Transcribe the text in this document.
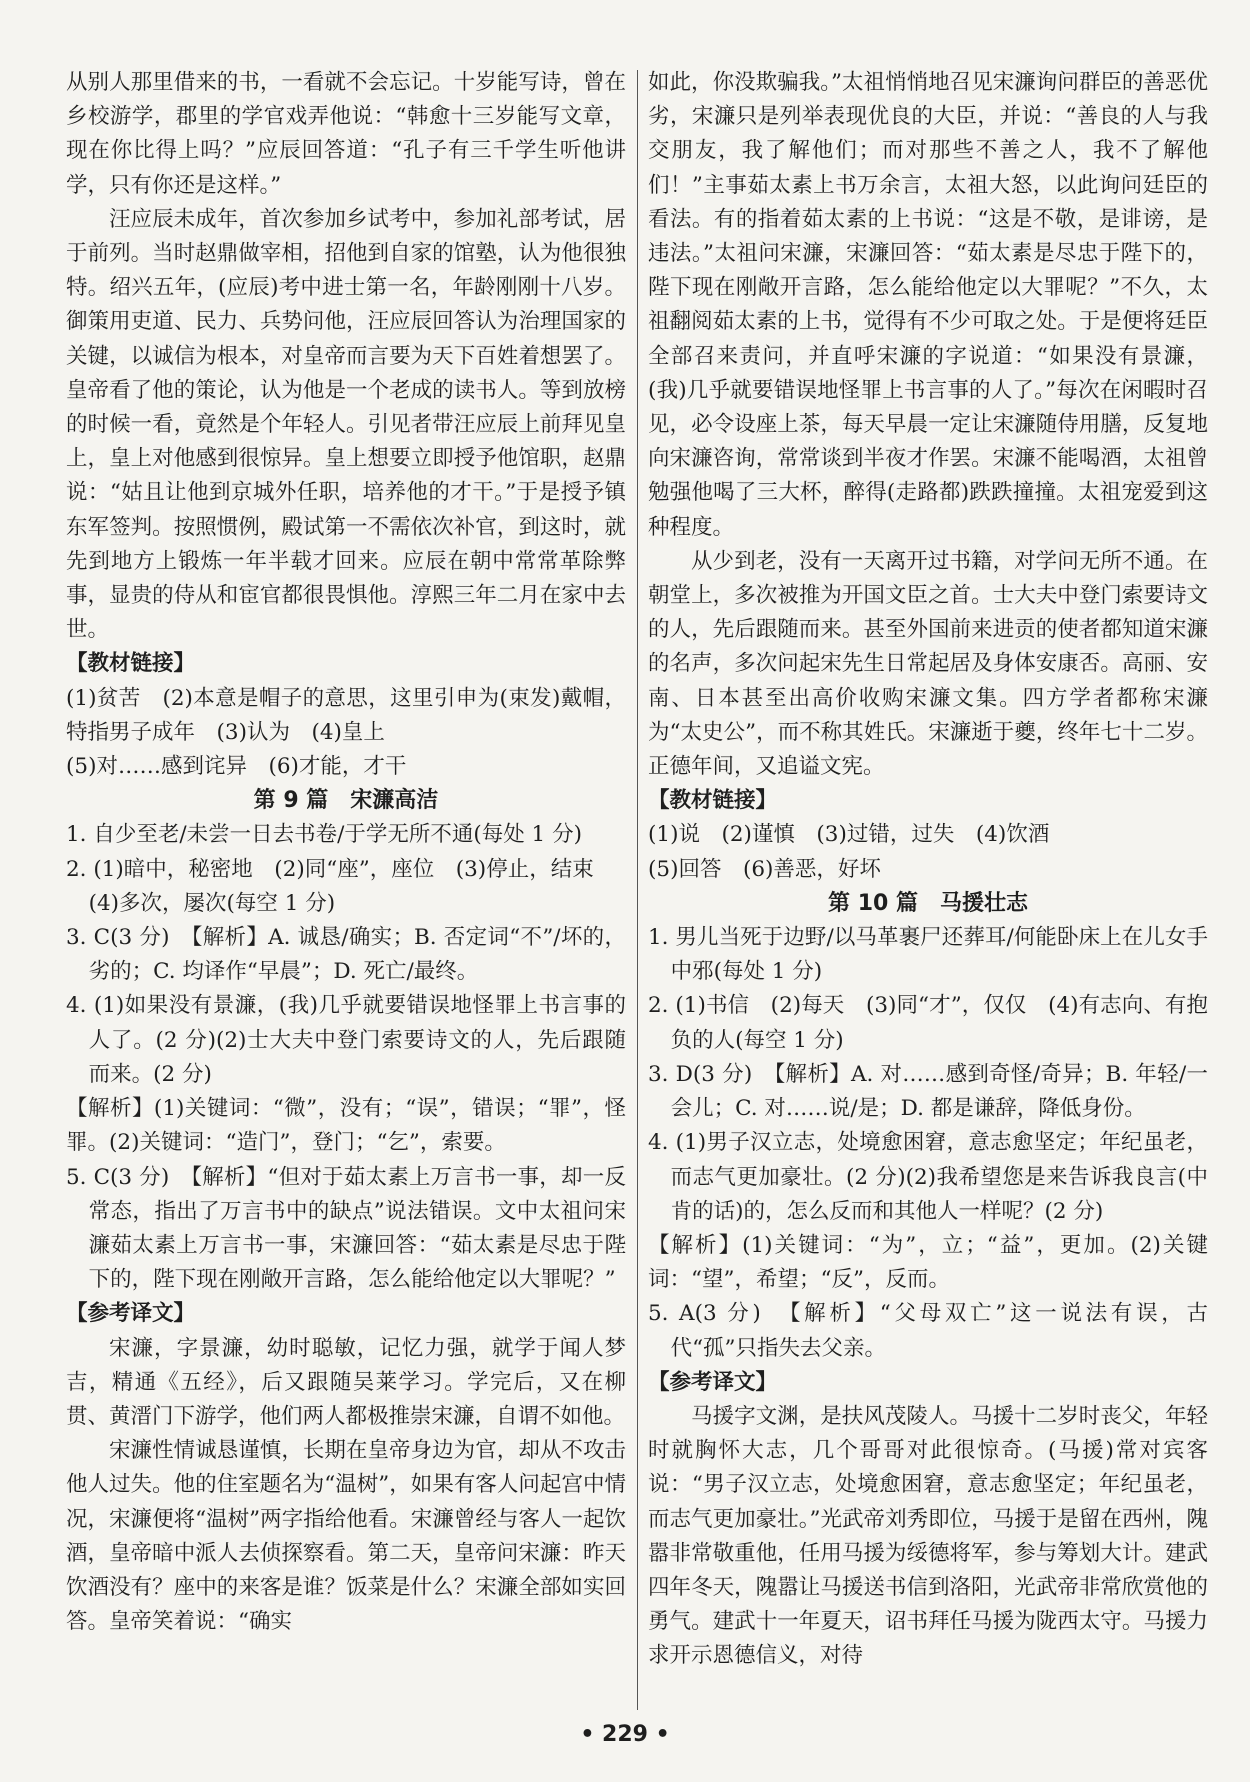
从别人那里借来的书，一看就不会忘记。十岁能写诗，曾在乡校游学，郡里的学官戏弄他说：“韩愈十三岁能写文章，现在你比得上吗？”应辰回答道：“孔子有三千学生听他讲学，只有你还是这样。”

汪应辰未成年，首次参加乡试考中，参加礼部考试，居于前列。当时赵鼎做宰相，招他到自家的馆塾，认为他很独特。绍兴五年，(应辰)考中进士第一名，年龄刚刚十八岁。御策用吏道、民力、兵势问他，汪应辰回答认为治理国家的关键，以诚信为根本，对皇帝而言要为天下百姓着想罢了。皇帝看了他的策论，认为他是一个老成的读书人。等到放榜的时候一看，竟然是个年轻人。引见者带汪应辰上前拜见皇上，皇上对他感到很惊异。皇上想要立即授予他馆职，赵鼎说：“姑且让他到京城外任职，培养他的才干。”于是授予镇东军签判。按照惯例，殿试第一不需依次补官，到这时，就先到地方上锻炼一年半载才回来。应辰在朝中常常革除弊事，显贵的侍从和宦官都很畏惧他。淳熙三年二月在家中去世。

【教材链接】

(1)贫苦　(2)本意是帽子的意思，这里引申为(束发)戴帽，特指男子成年　(3)认为　(4)皇上

(5)对……感到诧异　(6)才能，才干

第 9 篇　宋濂高洁

1. 自少至老/未尝一日去书卷/于学无所不通(每处 1 分)

2. (1)暗中，秘密地　(2)同“座”，座位　(3)停止，结束

(4)多次，屡次(每空 1 分)

3. C(3 分)　【解析】A. 诚恳/确实；B. 否定词“不”/坏的，劣的；C. 均译作“早晨”；D. 死亡/最终。

4. (1)如果没有景濂，(我)几乎就要错误地怪罪上书言事的人了。(2 分)(2)士大夫中登门索要诗文的人，先后跟随而来。(2 分)

【解析】(1)关键词：“微”，没有；“误”，错误；“罪”，怪罪。(2)关键词：“造门”，登门；“乞”，索要。

5. C(3 分)　【解析】“但对于茹太素上万言书一事，却一反常态，指出了万言书中的缺点”说法错误。文中太祖问宋濂茹太素上万言书一事，宋濂回答：“茹太素是尽忠于陛下的，陛下现在刚敞开言路，怎么能给他定以大罪呢？”

【参考译文】

宋濂，字景濂，幼时聪敏，记忆力强，就学于闻人梦吉，精通《五经》，后又跟随吴莱学习。学完后，又在柳贯、黄溍门下游学，他们两人都极推崇宋濂，自谓不如他。

宋濂性情诚恳谨慎，长期在皇帝身边为官，却从不攻击他人过失。他的住室题名为“温树”，如果有客人问起宫中情况，宋濂便将“温树”两字指给他看。宋濂曾经与客人一起饮酒，皇帝暗中派人去侦探察看。第二天，皇帝问宋濂：昨天饮酒没有？座中的来客是谁？饭菜是什么？宋濂全部如实回答。皇帝笑着说：“确实

如此，你没欺骗我。”太祖悄悄地召见宋濂询问群臣的善恶优劣，宋濂只是列举表现优良的大臣，并说：“善良的人与我交朋友，我了解他们；而对那些不善之人，我不了解他们！”主事茹太素上书万余言，太祖大怒，以此询问廷臣的看法。有的指着茹太素的上书说：“这是不敬，是诽谤，是违法。”太祖问宋濂，宋濂回答：“茹太素是尽忠于陛下的，陛下现在刚敞开言路，怎么能给他定以大罪呢？”不久，太祖翻阅茹太素的上书，觉得有不少可取之处。于是便将廷臣全部召来责问，并直呼宋濂的字说道：“如果没有景濂，(我)几乎就要错误地怪罪上书言事的人了。”每次在闲暇时召见，必令设座上茶，每天早晨一定让宋濂随侍用膳，反复地向宋濂咨询，常常谈到半夜才作罢。宋濂不能喝酒，太祖曾勉强他喝了三大杯，醉得(走路都)跌跌撞撞。太祖宠爱到这种程度。

从少到老，没有一天离开过书籍，对学问无所不通。在朝堂上，多次被推为开国文臣之首。士大夫中登门索要诗文的人，先后跟随而来。甚至外国前来进贡的使者都知道宋濂的名声，多次问起宋先生日常起居及身体安康否。高丽、安南、日本甚至出高价收购宋濂文集。四方学者都称宋濂为“太史公”，而不称其姓氏。宋濂逝于夔，终年七十二岁。正德年间，又追谥文宪。

【教材链接】

(1)说　(2)谨慎　(3)过错，过失　(4)饮酒

(5)回答　(6)善恶，好坏

第 10 篇　马援壮志

1. 男儿当死于边野/以马革裹尸还葬耳/何能卧床上在儿女手中邪(每处 1 分)

2. (1)书信　(2)每天　(3)同“才”，仅仅　(4)有志向、有抱负的人(每空 1 分)

3. D(3 分)　【解析】A. 对……感到奇怪/奇异；B. 年轻/一会儿；C. 对……说/是；D. 都是谦辞，降低身份。

4. (1)男子汉立志，处境愈困窘，意志愈坚定；年纪虽老，而志气更加豪壮。(2 分)(2)我希望您是来告诉我良言(中肯的话)的，怎么反而和其他人一样呢？(2 分)

【解析】(1)关键词：“为”，立；“益”，更加。(2)关键词：“望”，希望；“反”，反而。

5. A(3 分)　【解析】“父母双亡”这一说法有误，古代“孤”只指失去父亲。

【参考译文】

马援字文渊，是扶风茂陵人。马援十二岁时丧父，年轻时就胸怀大志，几个哥哥对此很惊奇。(马援)常对宾客说：“男子汉立志，处境愈困窘，意志愈坚定；年纪虽老，而志气更加豪壮。”光武帝刘秀即位，马援于是留在西州，隗嚣非常敬重他，任用马援为绥德将军，参与筹划大计。建武四年冬天，隗嚣让马援送书信到洛阳，光武帝非常欣赏他的勇气。建武十一年夏天，诏书拜任马援为陇西太守。马援力求开示恩德信义，对待

• 229 •
